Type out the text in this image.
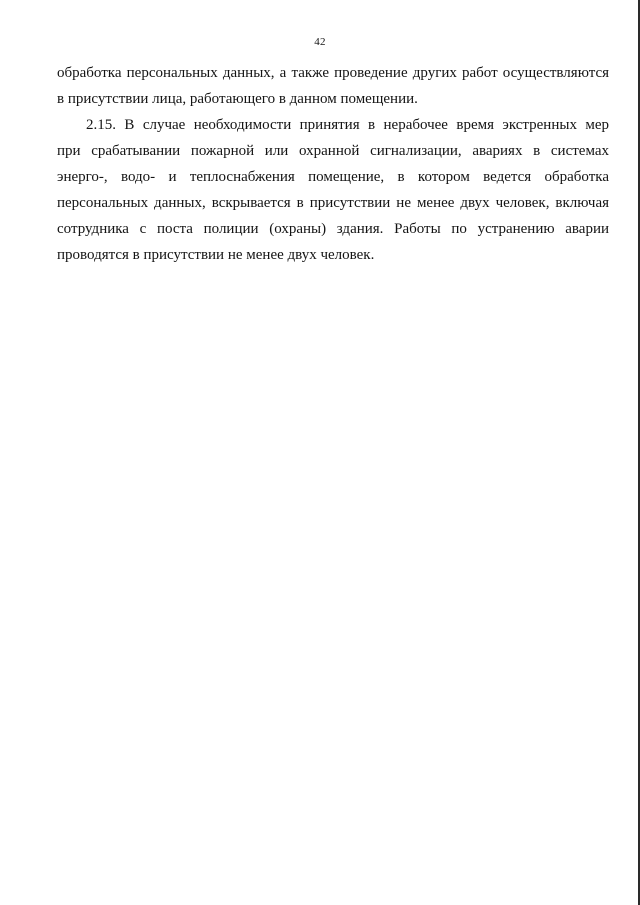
42

обработка персональных данных, а также проведение других работ осуществляются
в присутствии лица, работающего в данном помещении.

2.15. В случае необходимости принятия в нерабочее время экстренных мер
при срабатывании пожарной или охранной сигнализации, авариях в системах
энерго-, водо- и теплоснабжения помещение, в котором ведется обработка
персональных данных, вскрывается в присутствии не менее двух человек, включая
сотрудника с поста полиции (охраны) здания. Работы по устранению аварии
проводятся в присутствии не менее двух человек.
